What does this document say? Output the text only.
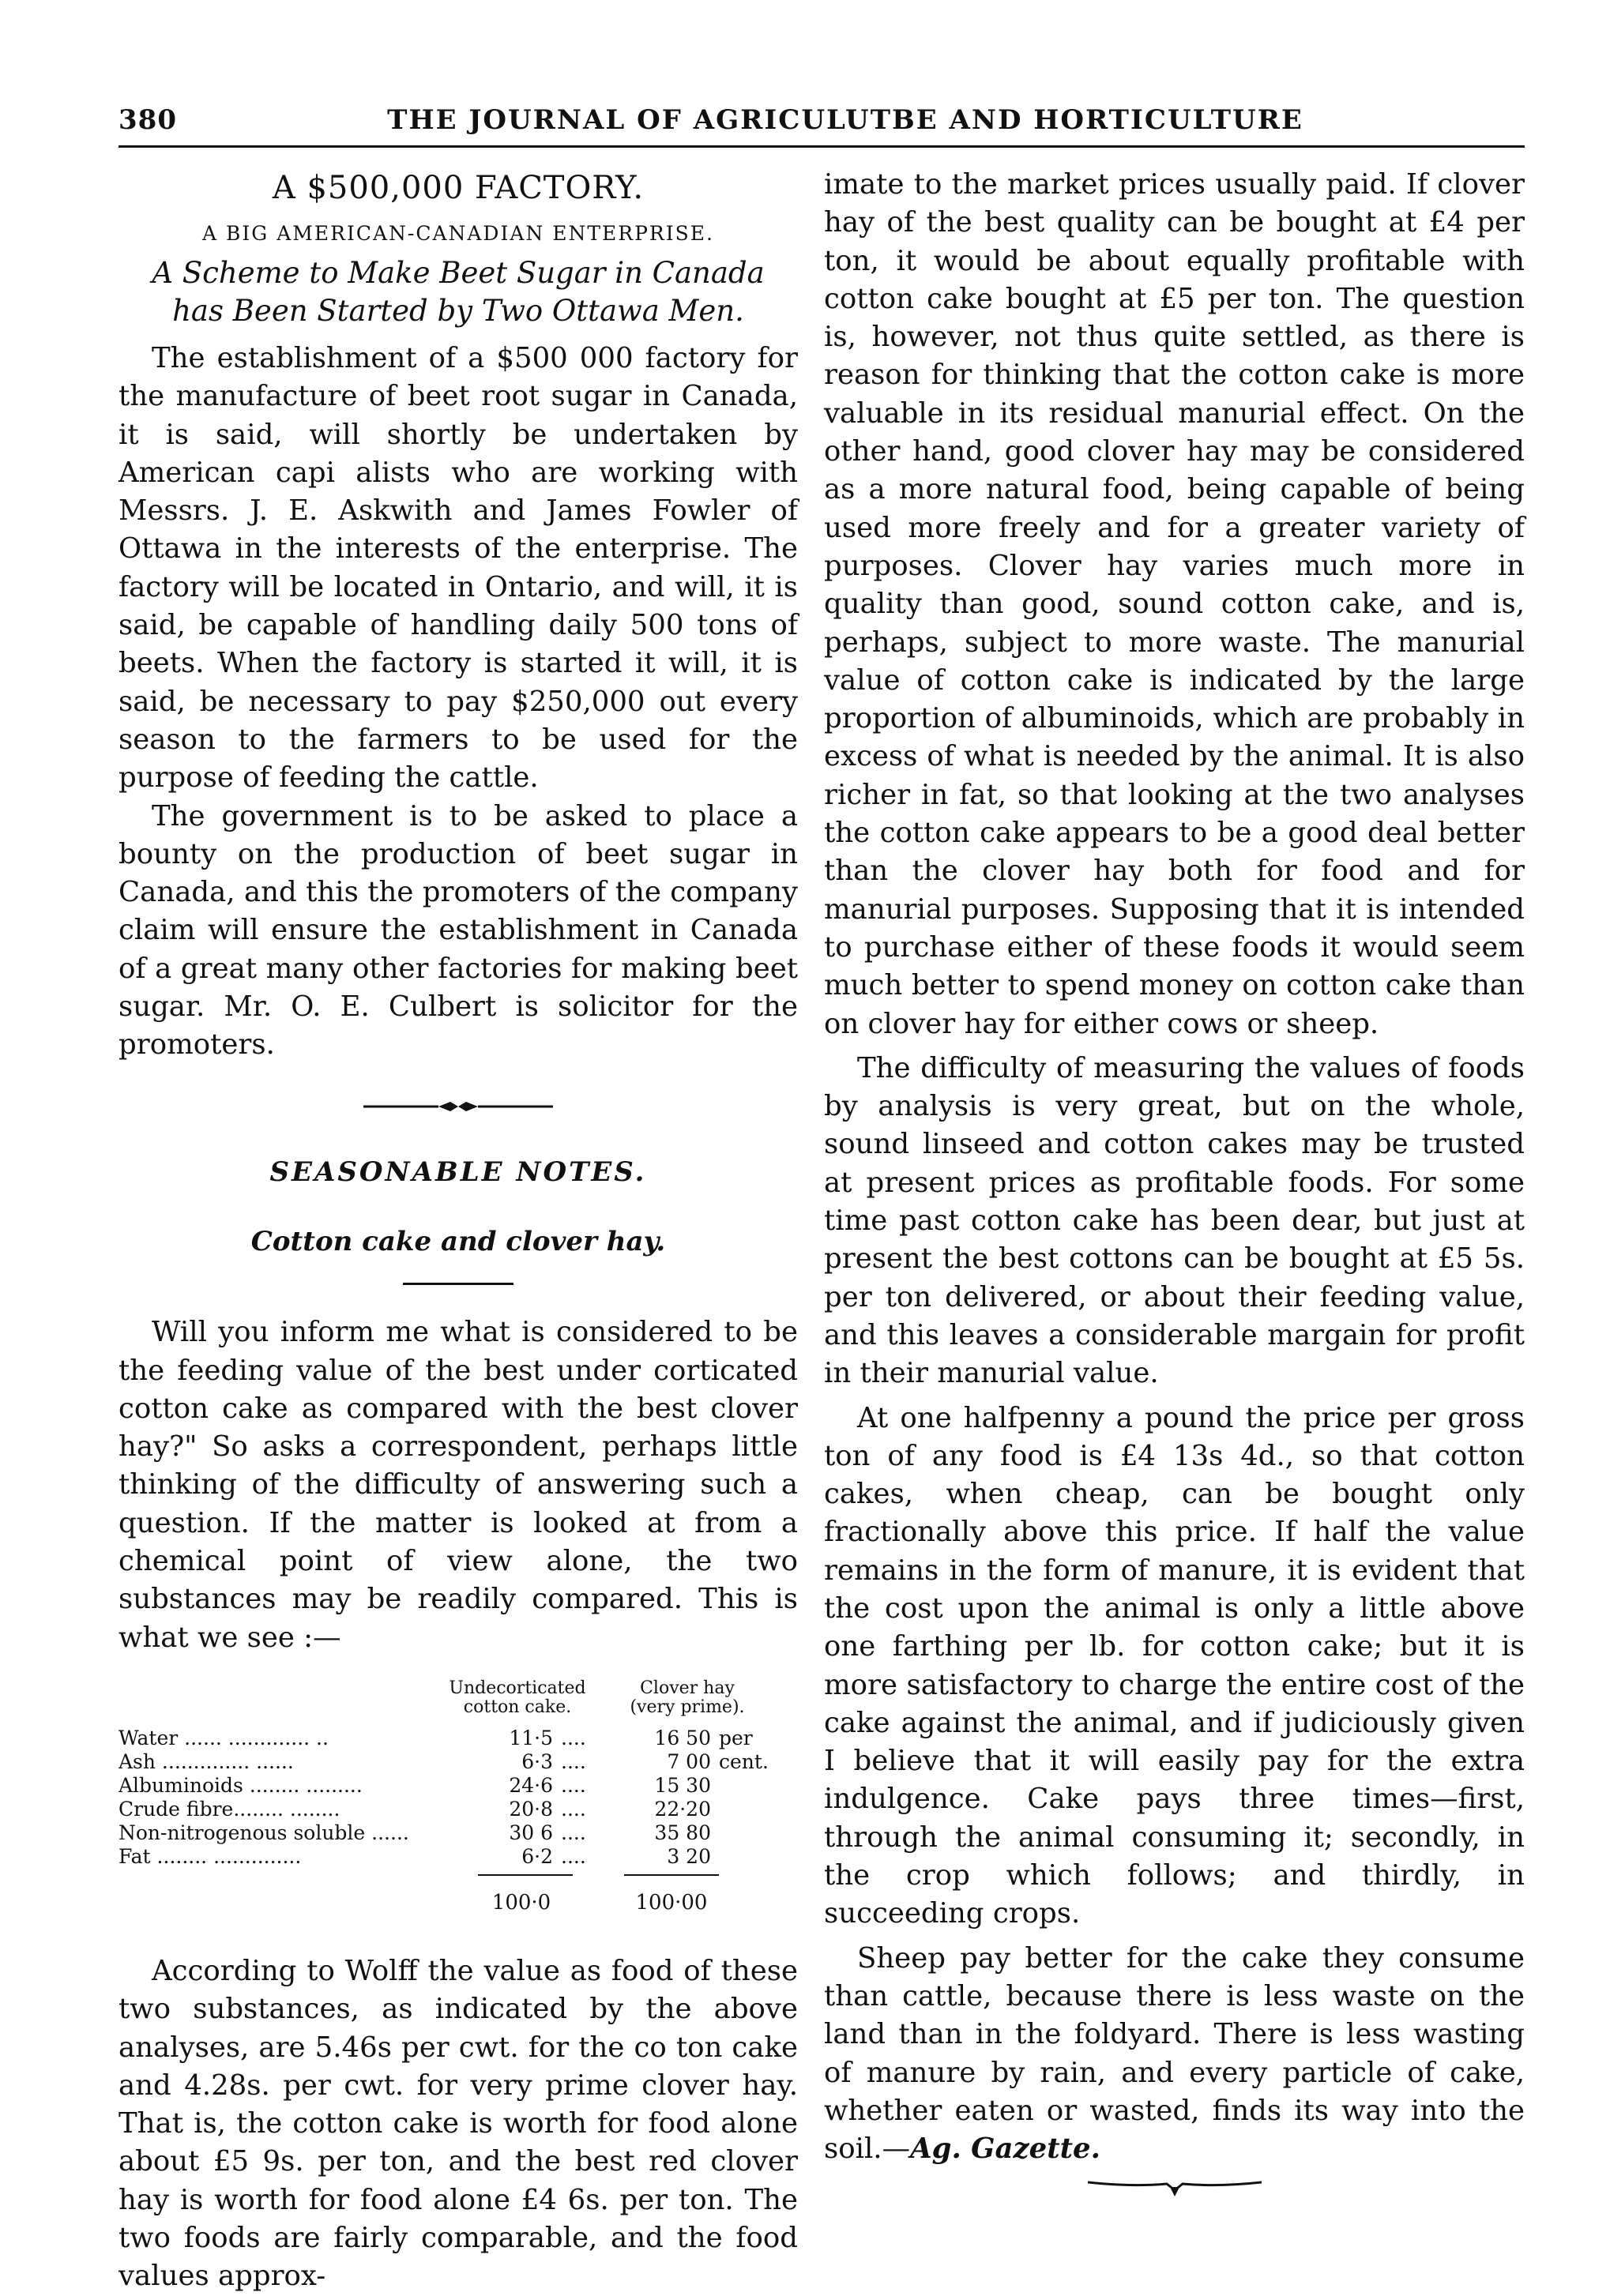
380	THE JOURNAL OF AGRICULUTBE AND HORTICULTURE
A $500,000 FACTORY.
A BIG AMERICAN-CANADIAN ENTERPRISE.
A Scheme to Make Beet Sugar in Canada has Been Started by Two Ottawa Men.

The establishment of a $500 000 factory for the manufacture of beet root sugar in Canada, it is said, will shortly be undertaken by American capi alists who are working with Messrs. J. E. Askwith and James Fowler of Ottawa in the interests of the enterprise. The factory will be located in Ontario, and will, it is said, be capable of handling daily 500 tons of beets. When the factory is started it will, it is said, be necessary to pay $250,000 out every season to the farmers to be used for the purpose of feeding the cattle.

The government is to be asked to place a bounty on the production of beet sugar in Canada, and this the promoters of the company claim will ensure the establishment in Canada of a great many other factories for making beet sugar. Mr. O. E. Culbert is solicitor for the promoters.

SEASONABLE NOTES.
Cotton cake and clover hay.

Will you inform me what is considered to be the feeding value of the best under corticated cotton cake as compared with the best clover hay?" So asks a correspondent, perhaps little thinking of the difficulty of answering such a question. If the matter is looked at from a chemical point of view alone, the two substances may be readily compared. This is what we see :—

Undecorticated cotton cake.
Clover hay (very prime).
Water ...... ............. ..	11·5 ....	16 50 per cent.
Ash .............. ......	6·3 ....	7 00
Albuminoids ........ .........	24·6 ....	15 30
Crude fibre........ ........	20·8 ....	22·20
Non-nitrogenous soluble ......	30 6 ....	35 80
Fat ........ ..............	6·2 ....	3 20
100·0	100·00

According to Wolff the value as food of these two substances, as indicated by the above analyses, are 5.46s per cwt. for the co ton cake and 4.28s. per cwt. for very prime clover hay. That is, the cotton cake is worth for food alone about £5 9s. per ton, and the best red clover hay is worth for food alone £4 6s. per ton. The two foods are fairly comparable, and the food values approx-

imate to the market prices usually paid. If clover hay of the best quality can be bought at £4 per ton, it would be about equally profitable with cotton cake bought at £5 per ton. The question is, however, not thus quite settled, as there is reason for thinking that the cotton cake is more valuable in its residual manurial effect. On the other hand, good clover hay may be considered as a more natural food, being capable of being used more freely and for a greater variety of purposes. Clover hay varies much more in quality than good, sound cotton cake, and is, perhaps, subject to more waste. The manurial value of cotton cake is indicated by the large proportion of albuminoids, which are probably in excess of what is needed by the animal. It is also richer in fat, so that looking at the two analyses the cotton cake appears to be a good deal better than the clover hay both for food and for manurial purposes. Supposing that it is intended to purchase either of these foods it would seem much better to spend money on cotton cake than on clover hay for either cows or sheep.

The difficulty of measuring the values of foods by analysis is very great, but on the whole, sound linseed and cotton cakes may be trusted at present prices as profitable foods. For some time past cotton cake has been dear, but just at present the best cottons can be bought at £5 5s. per ton delivered, or about their feeding value, and this leaves a considerable margain for profit in their manurial value.

At one halfpenny a pound the price per gross ton of any food is £4 13s 4d., so that cotton cakes, when cheap, can be bought only fractionally above this price. If half the value remains in the form of manure, it is evident that the cost upon the animal is only a little above one farthing per lb. for cotton cake; but it is more satisfactory to charge the entire cost of the cake against the animal, and if judiciously given I believe that it will easily pay for the extra indulgence. Cake pays three times—first, through the animal consuming it; secondly, in the crop which follows; and thirdly, in succeeding crops.

Sheep pay better for the cake they consume than cattle, because there is less waste on the land than in the foldyard. There is less wasting of manure by rain, and every particle of cake, whether eaten or wasted, finds its way into the soil.—Ag. Gazette.
